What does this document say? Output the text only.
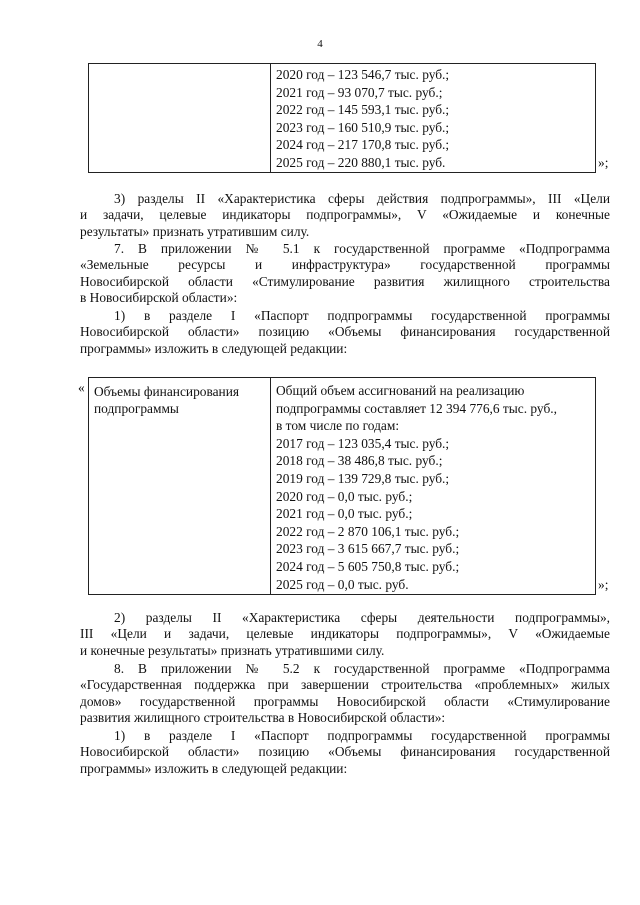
4
2020 год – 123 546,7 тыс. руб.;
2021 год – 93 070,7 тыс. руб.;
2022 год – 145 593,1 тыс. руб.;
2023 год – 160 510,9 тыс. руб.;
2024 год – 217 170,8 тыс. руб.;
2025 год – 220 880,1 тыс. руб.	»;
3) разделы II «Характеристика сферы действия подпрограммы», III «Цели
и задачи, целевые индикаторы подпрограммы», V «Ожидаемые и конечные
результаты» признать утратившим силу.
7. В приложении № 5.1 к государственной программе «Подпрограмма
«Земельные ресурсы и инфраструктура» государственной программы
Новосибирской области «Стимулирование развития жилищного строительства
в Новосибирской области»:
1) в разделе I «Паспорт подпрограммы государственной программы
Новосибирской области» позицию «Объемы финансирования государственной
программы» изложить в следующей редакции:
« Объемы финансирования
подпрограммы
Общий объем ассигнований на реализацию
подпрограммы составляет 12 394 776,6 тыс. руб.,
в том числе по годам:
2017 год – 123 035,4 тыс. руб.;
2018 год – 38 486,8 тыс. руб.;
2019 год – 139 729,8 тыс. руб.;
2020 год – 0,0 тыс. руб.;
2021 год – 0,0 тыс. руб.;
2022 год – 2 870 106,1 тыс. руб.;
2023 год – 3 615 667,7 тыс. руб.;
2024 год – 5 605 750,8 тыс. руб.;
2025 год – 0,0 тыс. руб.	»;
2) разделы II «Характеристика сферы деятельности подпрограммы»,
III «Цели и задачи, целевые индикаторы подпрограммы», V «Ожидаемые
и конечные результаты» признать утратившими силу.
8. В приложении № 5.2 к государственной программе «Подпрограмма
«Государственная поддержка при завершении строительства «проблемных» жилых
домов» государственной программы Новосибирской области «Стимулирование
развития жилищного строительства в Новосибирской области»:
1) в разделе I «Паспорт подпрограммы государственной программы
Новосибирской области» позицию «Объемы финансирования государственной
программы» изложить в следующей редакции:
